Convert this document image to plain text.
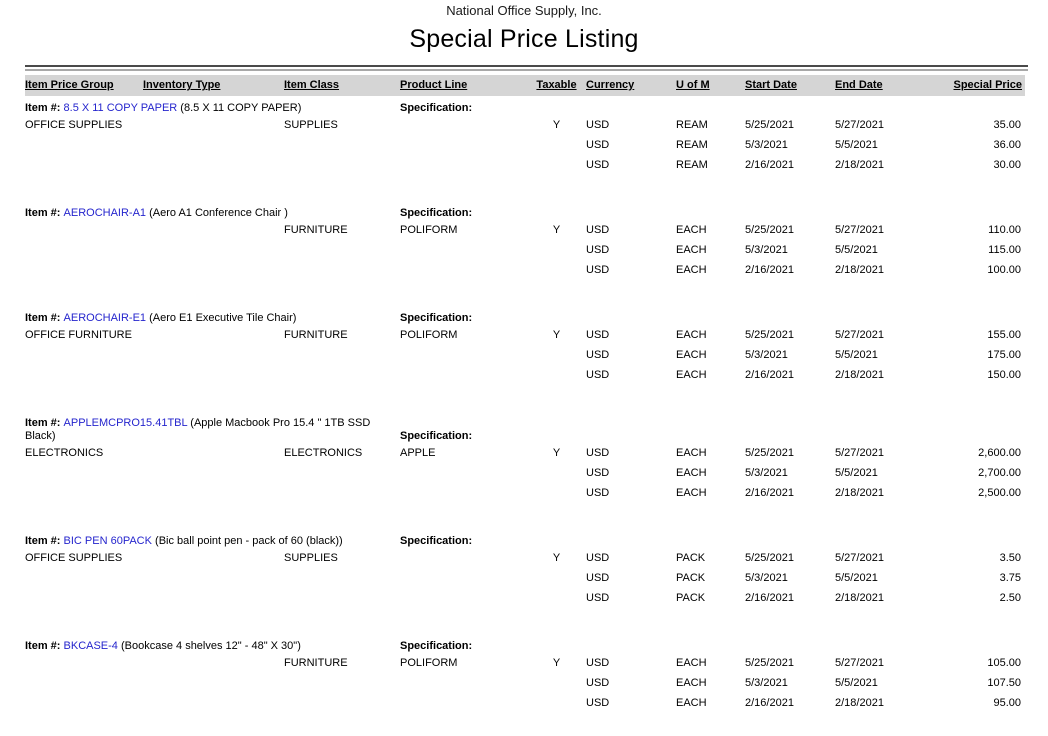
National Office Supply, Inc.
Special Price Listing
Item Price Group	Inventory Type	Item Class	Product Line	Taxable	Currency	U of M	Start Date	End Date	Special Price
Item #: 8.5 X 11 COPY PAPER (8.5 X 11 COPY PAPER)			Specification:						
OFFICE SUPPLIES		SUPPLIES		Y	USD	REAM	5/25/2021	5/27/2021	35.00
					USD	REAM	5/3/2021	5/5/2021	36.00
					USD	REAM	2/16/2021	2/18/2021	30.00

Item #: AEROCHAIR-A1 (Aero A1 Conference Chair )			Specification:						
		FURNITURE	POLIFORM	Y	USD	EACH	5/25/2021	5/27/2021	110.00
					USD	EACH	5/3/2021	5/5/2021	115.00
					USD	EACH	2/16/2021	2/18/2021	100.00

Item #: AEROCHAIR-E1 (Aero E1 Executive Tile Chair)			Specification:						
OFFICE FURNITURE		FURNITURE	POLIFORM	Y	USD	EACH	5/25/2021	5/27/2021	155.00
					USD	EACH	5/3/2021	5/5/2021	175.00
					USD	EACH	2/16/2021	2/18/2021	150.00

Item #: APPLEMCPRO15.41TBL (Apple Macbook Pro 15.4 " 1TB SSD Black)			Specification:						
ELECTRONICS		ELECTRONICS	APPLE	Y	USD	EACH	5/25/2021	5/27/2021	2,600.00
					USD	EACH	5/3/2021	5/5/2021	2,700.00
					USD	EACH	2/16/2021	2/18/2021	2,500.00

Item #: BIC PEN 60PACK (Bic ball point pen - pack of 60 (black))			Specification:						
OFFICE SUPPLIES		SUPPLIES		Y	USD	PACK	5/25/2021	5/27/2021	3.50
					USD	PACK	5/3/2021	5/5/2021	3.75
					USD	PACK	2/16/2021	2/18/2021	2.50

Item #: BKCASE-4 (Bookcase 4 shelves 12" - 48" X 30")			Specification:						
		FURNITURE	POLIFORM	Y	USD	EACH	5/25/2021	5/27/2021	105.00
					USD	EACH	5/3/2021	5/5/2021	107.50
					USD	EACH	2/16/2021	2/18/2021	95.00
